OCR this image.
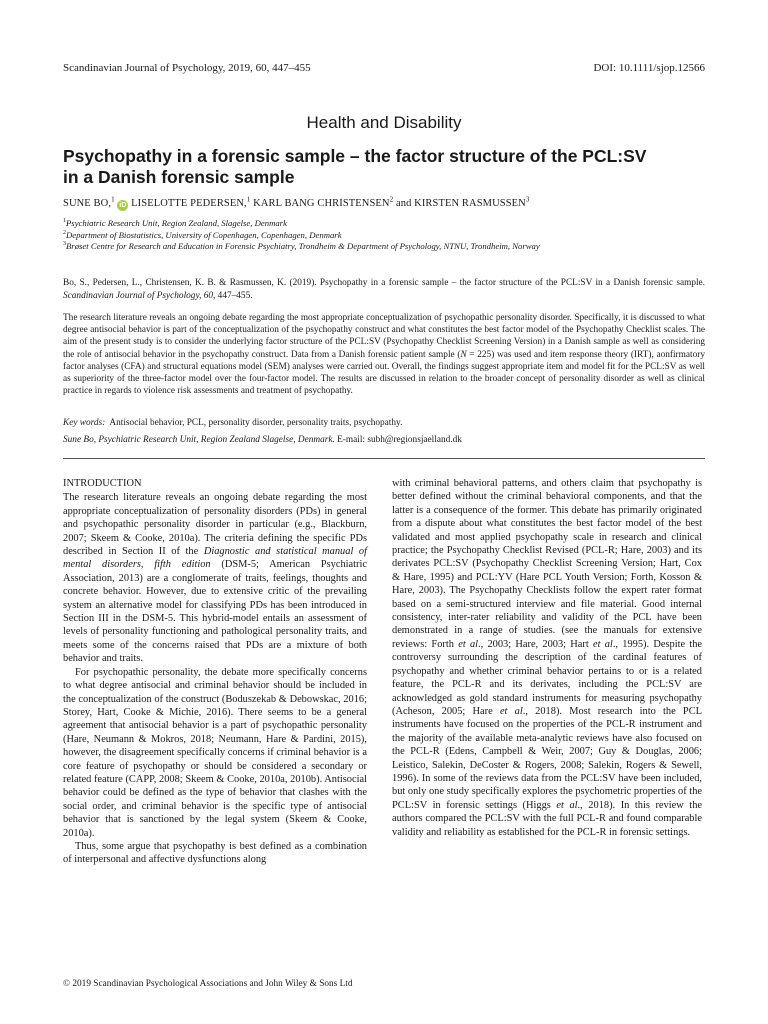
Scandinavian Journal of Psychology, 2019, 60, 447–455	DOI: 10.1111/sjop.12566
Health and Disability
Psychopathy in a forensic sample – the factor structure of the PCL:SV
in a Danish forensic sample
SUNE BO,$^1$ iD LISELOTTE PEDERSEN,$^1$ KARL BANG CHRISTENSEN$^2$ and KIRSTEN RASMUSSEN$^3$
$^1$Psychiatric Research Unit, Region Zealand, Slagelse, Denmark
$^2$Department of Biostatistics, University of Copenhagen, Copenhagen, Denmark
$^3$Brøset Centre for Research and Education in Forensic Psychiatry, Trondheim & Department of Psychology, NTNU, Trondheim, Norway
Bo, S., Pedersen, L., Christensen, K. B. & Rasmussen, K. (2019). Psychopathy in a forensic sample – the factor structure of the PCL:SV in a Danish forensic sample. Scandinavian Journal of Psychology, 60, 447–455.
The research literature reveals an ongoing debate regarding the most appropriate conceptualization of psychopathic personality disorder. Specifically, it is discussed to what degree antisocial behavior is part of the conceptualization of the psychopathy construct and what constitutes the best factor model of the Psychopathy Checklist scales. The aim of the present study is to consider the underlying factor structure of the PCL:SV (Psychopathy Checklist Screening Version) in a Danish sample as well as considering the role of antisocial behavior in the psychopathy construct. Data from a Danish forensic patient sample (N = 225) was used and item response theory (IRT), aonfirmatory factor analyses (CFA) and structural equations model (SEM) analyses were carried out. Overall, the findings suggest appropriate item and model fit for the PCL:SV as well as superiority of the three-factor model over the four-factor model. The results are discussed in relation to the broader concept of personality disorder as well as clinical practice in regards to violence risk assessments and treatment of psychopathy.
Key words: Antisocial behavior, PCL, personality disorder, personality traits, psychopathy.
Sune Bo, Psychiatric Research Unit, Region Zealand Slagelse, Denmark. E-mail: subh@regionsjaelland.dk
INTRODUCTION

The research literature reveals an ongoing debate regarding the most appropriate conceptualization of personality disorders (PDs) in general and psychopathic personality disorder in particular (e.g., Blackburn, 2007; Skeem & Cooke, 2010a). The criteria defining the specific PDs described in Section II of the Diagnostic and statistical manual of mental disorders, fifth edition (DSM-5; American Psychiatric Association, 2013) are a conglomerate of traits, feelings, thoughts and concrete behavior. However, due to extensive critic of the prevailing system an alternative model for classifying PDs has been introduced in Section III in the DSM-5. This hybrid-model entails an assessment of levels of personality functioning and pathological personality traits, and meets some of the concerns raised that PDs are a mixture of both behavior and traits.

For psychopathic personality, the debate more specifically concerns to what degree antisocial and criminal behavior should be included in the conceptualization of the construct (Boduszekab & Debowskac, 2016; Storey, Hart, Cooke & Michie, 2016). There seems to be a general agreement that antisocial behavior is a part of psychopathic personality (Hare, Neumann & Mokros, 2018; Neumann, Hare & Pardini, 2015), however, the disagreement specifically concerns if criminal behavior is a core feature of psychopathy or should be considered a secondary or related feature (CAPP, 2008; Skeem & Cooke, 2010a, 2010b). Antisocial behavior could be defined as the type of behavior that clashes with the social order, and criminal behavior is the specific type of antisocial behavior that is sanctioned by the legal system (Skeem & Cooke, 2010a).

Thus, some argue that psychopathy is best defined as a combination of interpersonal and affective dysfunctions along

with criminal behavioral patterns, and others claim that psychopathy is better defined without the criminal behavioral components, and that the latter is a consequence of the former. This debate has primarily originated from a dispute about what constitutes the best factor model of the best validated and most applied psychopathy scale in research and clinical practice; the Psychopathy Checklist Revised (PCL-R; Hare, 2003) and its derivates PCL:SV (Psychopathy Checklist Screening Version; Hart, Cox & Hare, 1995) and PCL:YV (Hare PCL Youth Version; Forth, Kosson & Hare, 2003). The Psychopathy Checklists follow the expert rater format based on a semi-structured interview and file material. Good internal consistency, inter-rater reliability and validity of the PCL have been demonstrated in a range of studies. (see the manuals for extensive reviews: Forth et al., 2003; Hare, 2003; Hart et al., 1995). Despite the controversy surrounding the description of the cardinal features of psychopathy and whether criminal behavior pertains to or is a related feature, the PCL-R and its derivates, including the PCL:SV are acknowledged as gold standard instruments for measuring psychopathy (Acheson, 2005; Hare et al., 2018). Most research into the PCL instruments have focused on the properties of the PCL-R instrument and the majority of the available meta-analytic reviews have also focused on the PCL-R (Edens, Campbell & Weir, 2007; Guy & Douglas, 2006; Leistico, Salekin, DeCoster & Rogers, 2008; Salekin, Rogers & Sewell, 1996). In some of the reviews data from the PCL:SV have been included, but only one study specifically explores the psychometric properties of the PCL:SV in forensic settings (Higgs et al., 2018). In this review the authors compared the PCL:SV with the full PCL-R and found comparable validity and reliability as established for the PCL-R in forensic settings.

© 2019 Scandinavian Psychological Associations and John Wiley & Sons Ltd
